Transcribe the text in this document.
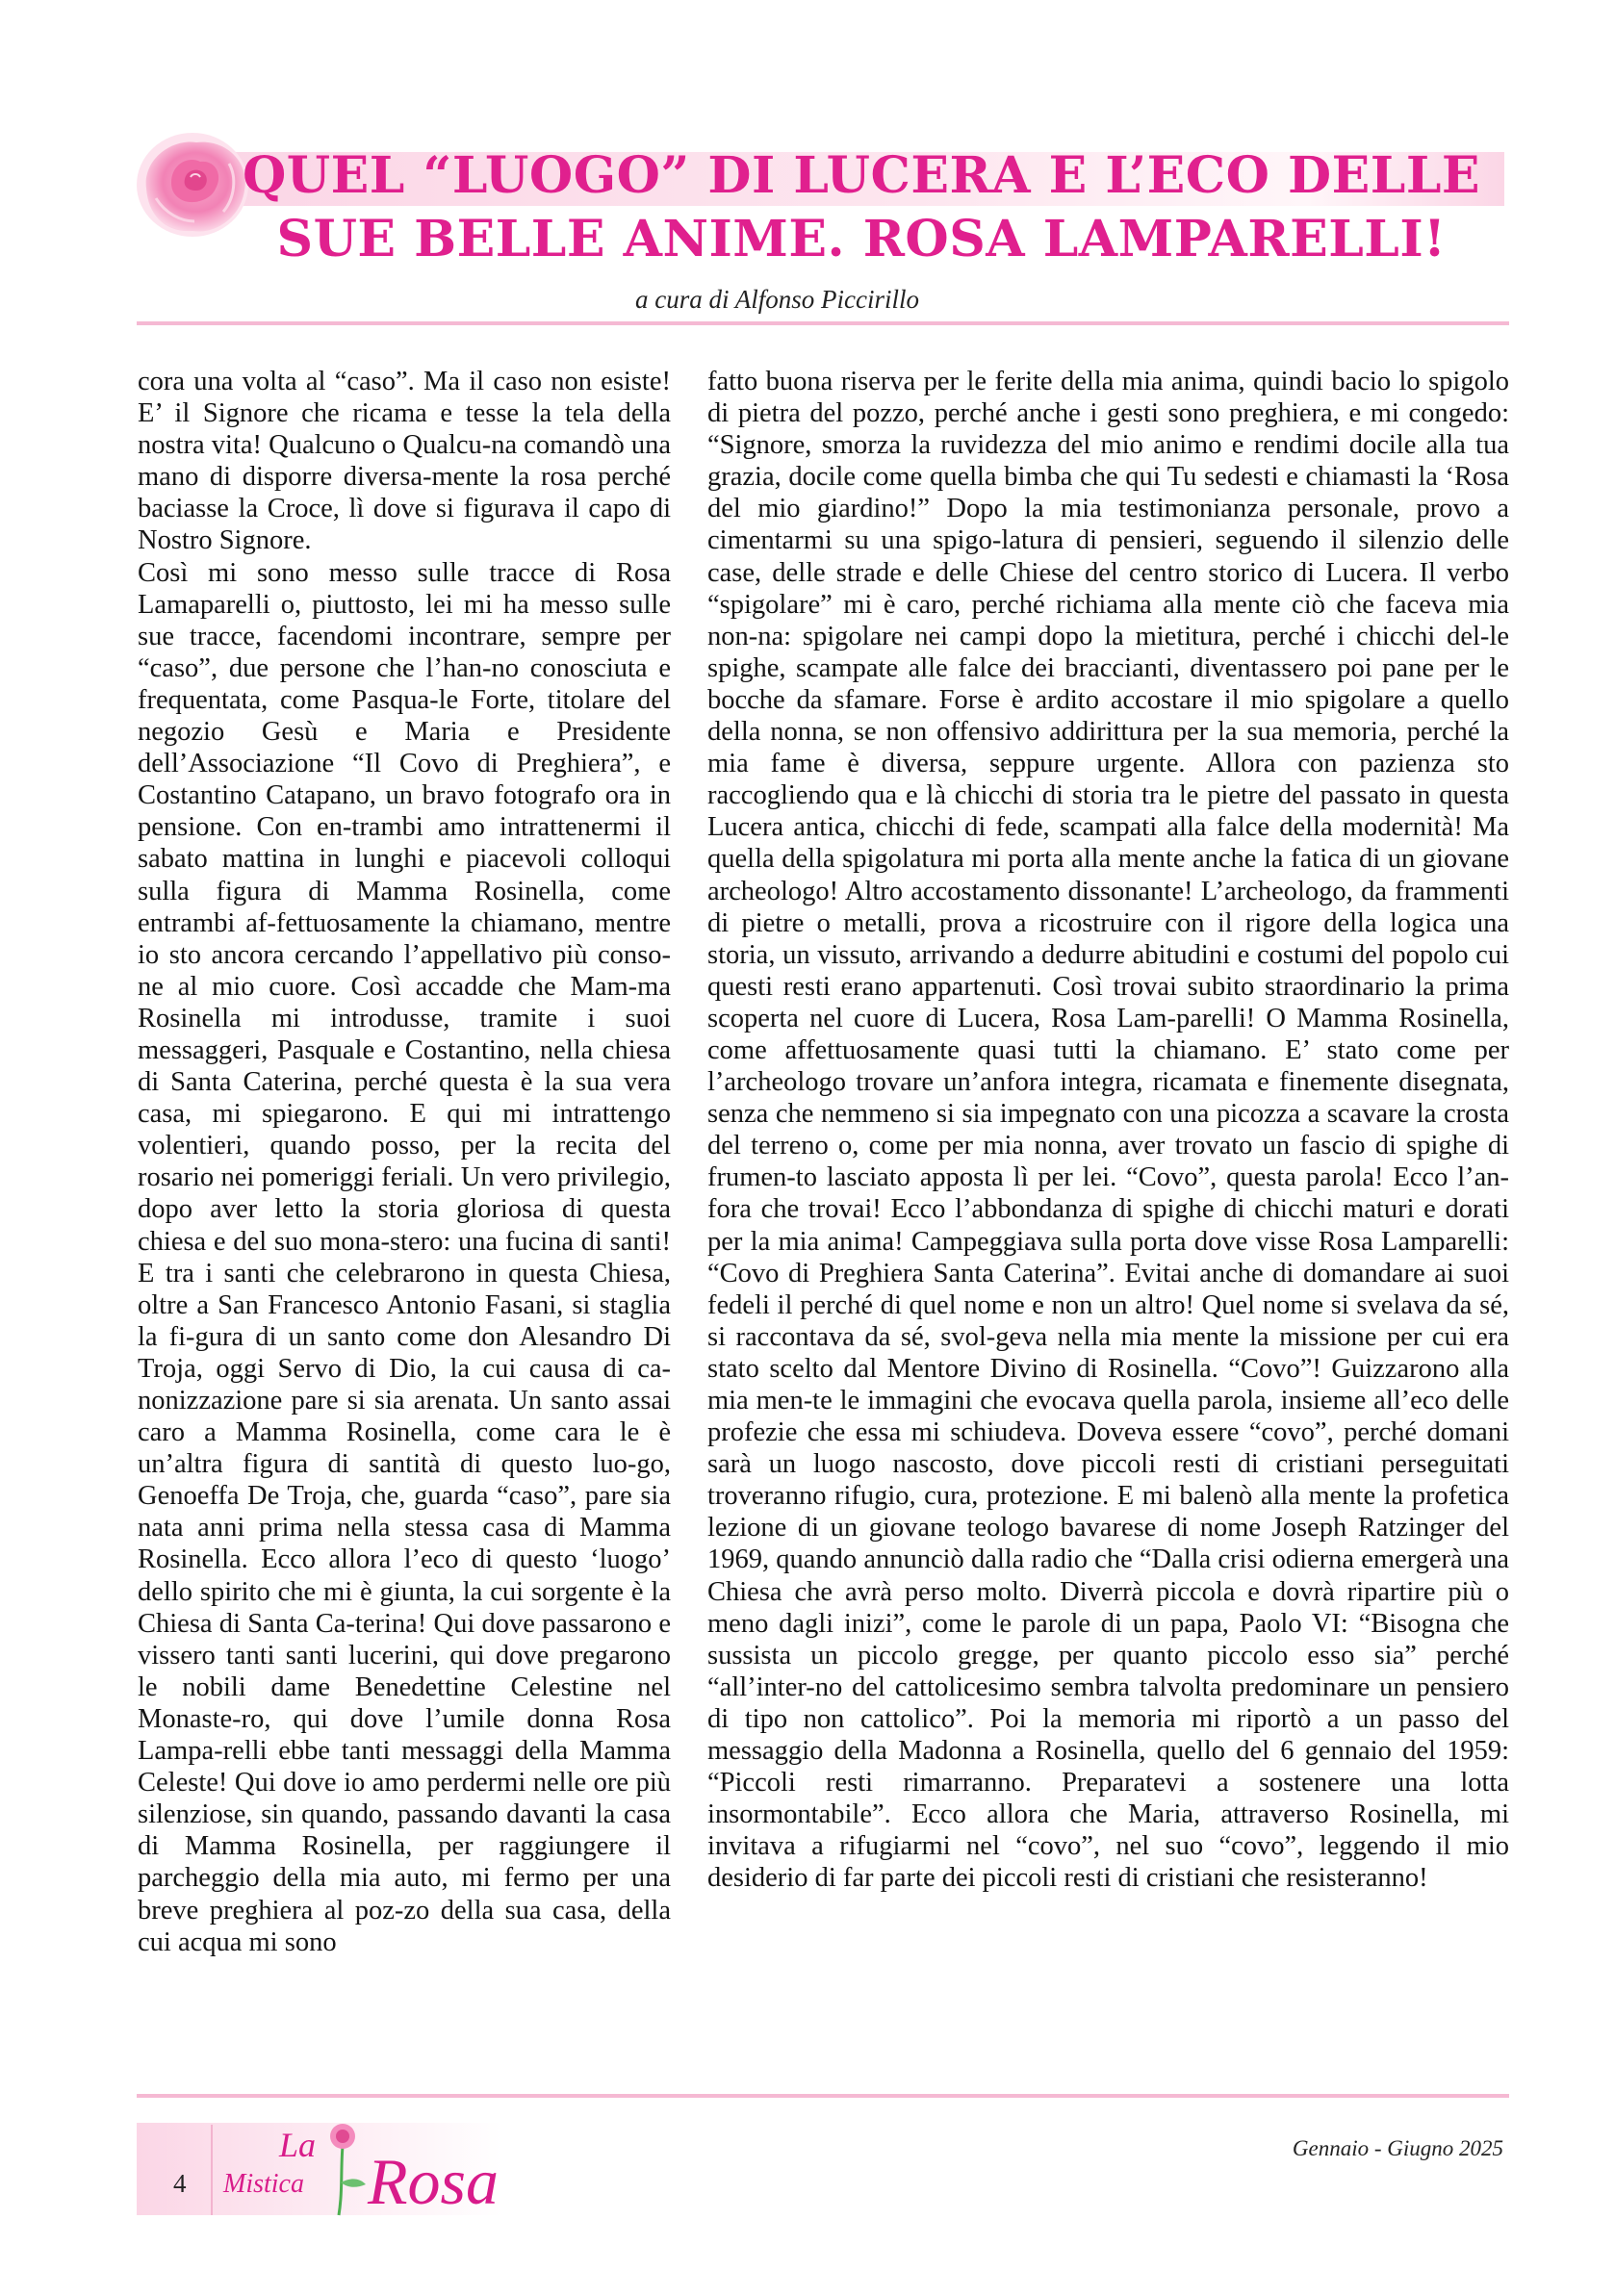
QUEL “LUOGO” DI LUCERA E L’ECO DELLE
SUE BELLE ANIME. ROSA LAMPARELLI!
a cura di Alfonso Piccirillo

cora una volta al “caso”. Ma il caso non esiste! E’ il Signore che ricama e tesse la tela della nostra vita! Qualcuno o Qualcu-na comandò una mano di disporre diversa-mente la rosa perché baciasse la Croce, lì dove si figurava il capo di Nostro Signore.

Così mi sono messo sulle tracce di Rosa Lamaparelli o, piuttosto, lei mi ha messo sulle sue tracce, facendomi incontrare, sempre per “caso”, due persone che l’han-no conosciuta e frequentata, come Pasqua-le Forte, titolare del negozio Gesù e Maria e Presidente dell’Associazione “Il Covo di Preghiera”, e Costantino Catapano, un bravo fotografo ora in pensione. Con en-trambi amo intrattenermi il sabato mattina in lunghi e piacevoli colloqui sulla figura di Mamma Rosinella, come entrambi af-fettuosamente la chiamano, mentre io sto ancora cercando l’appellativo più conso-ne al mio cuore. Così accadde che Mam-ma Rosinella mi introdusse, tramite i suoi messaggeri, Pasquale e Costantino, nella chiesa di Santa Caterina, perché questa è la sua vera casa, mi spiegarono. E qui mi intrattengo volentieri, quando posso, per la recita del rosario nei pomeriggi feriali. Un vero privilegio, dopo aver letto la storia gloriosa di questa chiesa e del suo mona-stero: una fucina di santi! E tra i santi che celebrarono in questa Chiesa, oltre a San Francesco Antonio Fasani, si staglia la fi-gura di un santo come don Alesandro Di Troja, oggi Servo di Dio, la cui causa di ca-nonizzazione pare si sia arenata. Un santo assai caro a Mamma Rosinella, come cara le è un’altra figura di santità di questo luo-go, Genoeffa De Troja, che, guarda “caso”, pare sia nata anni prima nella stessa casa di Mamma Rosinella. Ecco allora l’eco di questo ‘luogo’ dello spirito che mi è giunta, la cui sorgente è la Chiesa di Santa Ca-terina! Qui dove passarono e vissero tanti santi lucerini, qui dove pregarono le nobili dame Benedettine Celestine nel Monaste-ro, qui dove l’umile donna Rosa Lampa-relli ebbe tanti messaggi della Mamma Celeste! Qui dove io amo perdermi nelle ore più silenziose, sin quando, passando davanti la casa di Mamma Rosinella, per raggiungere il parcheggio della mia auto, mi fermo per una breve preghiera al poz-zo della sua casa, della cui acqua mi sono

fatto buona riserva per le ferite della mia anima, quindi bacio lo spigolo di pietra del pozzo, perché anche i gesti sono preghiera, e mi congedo: “Signore, smorza la ruvidezza del mio animo e rendimi docile alla tua grazia, docile come quella bimba che qui Tu sedesti e chiamasti la ‘Rosa del mio giardino!” Dopo la mia testimonianza personale, provo a cimentarmi su una spigo-latura di pensieri, seguendo il silenzio delle case, delle strade e delle Chiese del centro storico di Lucera. Il verbo “spigolare” mi è caro, perché richiama alla mente ciò che faceva mia non-na: spigolare nei campi dopo la mietitura, perché i chicchi del-le spighe, scampate alle falce dei braccianti, diventassero poi pane per le bocche da sfamare. Forse è ardito accostare il mio spigolare a quello della nonna, se non offensivo addirittura per la sua memoria, perché la mia fame è diversa, seppure urgente. Allora con pazienza sto raccogliendo qua e là chicchi di storia tra le pietre del passato in questa Lucera antica, chicchi di fede, scampati alla falce della modernità! Ma quella della spigolatura mi porta alla mente anche la fatica di un giovane archeologo! Altro accostamento dissonante! L’archeologo, da frammenti di pietre o metalli, prova a ricostruire con il rigore della logica una storia, un vissuto, arrivando a dedurre abitudini e costumi del popolo cui questi resti erano appartenuti. Così trovai subito straordinario la prima scoperta nel cuore di Lucera, Rosa Lam-parelli! O Mamma Rosinella, come affettuosamente quasi tutti la chiamano. E’ stato come per l’archeologo trovare un’anfora integra, ricamata e finemente disegnata, senza che nemmeno si sia impegnato con una picozza a scavare la crosta del terreno o, come per mia nonna, aver trovato un fascio di spighe di frumen-to lasciato apposta lì per lei. “Covo”, questa parola! Ecco l’an-fora che trovai! Ecco l’abbondanza di spighe di chicchi maturi e dorati per la mia anima! Campeggiava sulla porta dove visse Rosa Lamparelli: “Covo di Preghiera Santa Caterina”. Evitai anche di domandare ai suoi fedeli il perché di quel nome e non un altro! Quel nome si svelava da sé, si raccontava da sé, svol-geva nella mia mente la missione per cui era stato scelto dal Mentore Divino di Rosinella. “Covo”! Guizzarono alla mia men-te le immagini che evocava quella parola, insieme all’eco delle profezie che essa mi schiudeva. Doveva essere “covo”, perché domani sarà un luogo nascosto, dove piccoli resti di cristiani perseguitati troveranno rifugio, cura, protezione. E mi balenò alla mente la profetica lezione di un giovane teologo bavarese di nome Joseph Ratzinger del 1969, quando annunciò dalla radio che “Dalla crisi odierna emergerà una Chiesa che avrà perso molto. Diverrà piccola e dovrà ripartire più o meno dagli inizi”, come le parole di un papa, Paolo VI: “Bisogna che sussista un piccolo gregge, per quanto piccolo esso sia” perché “all’inter-no del cattolicesimo sembra talvolta predominare un pensiero di tipo non cattolico”. Poi la memoria mi riportò a un passo del messaggio della Madonna a Rosinella, quello del 6 gennaio del 1959: “Piccoli resti rimarranno. Preparatevi a sostenere una lotta insormontabile”. Ecco allora che Maria, attraverso Rosinella, mi invitava a rifugiarmi nel “covo”, nel suo “covo”, leggendo il mio desiderio di far parte dei piccoli resti di cristiani che resisteranno!

4
La
Mistica Rosa	Gennaio - Giugno 2025
